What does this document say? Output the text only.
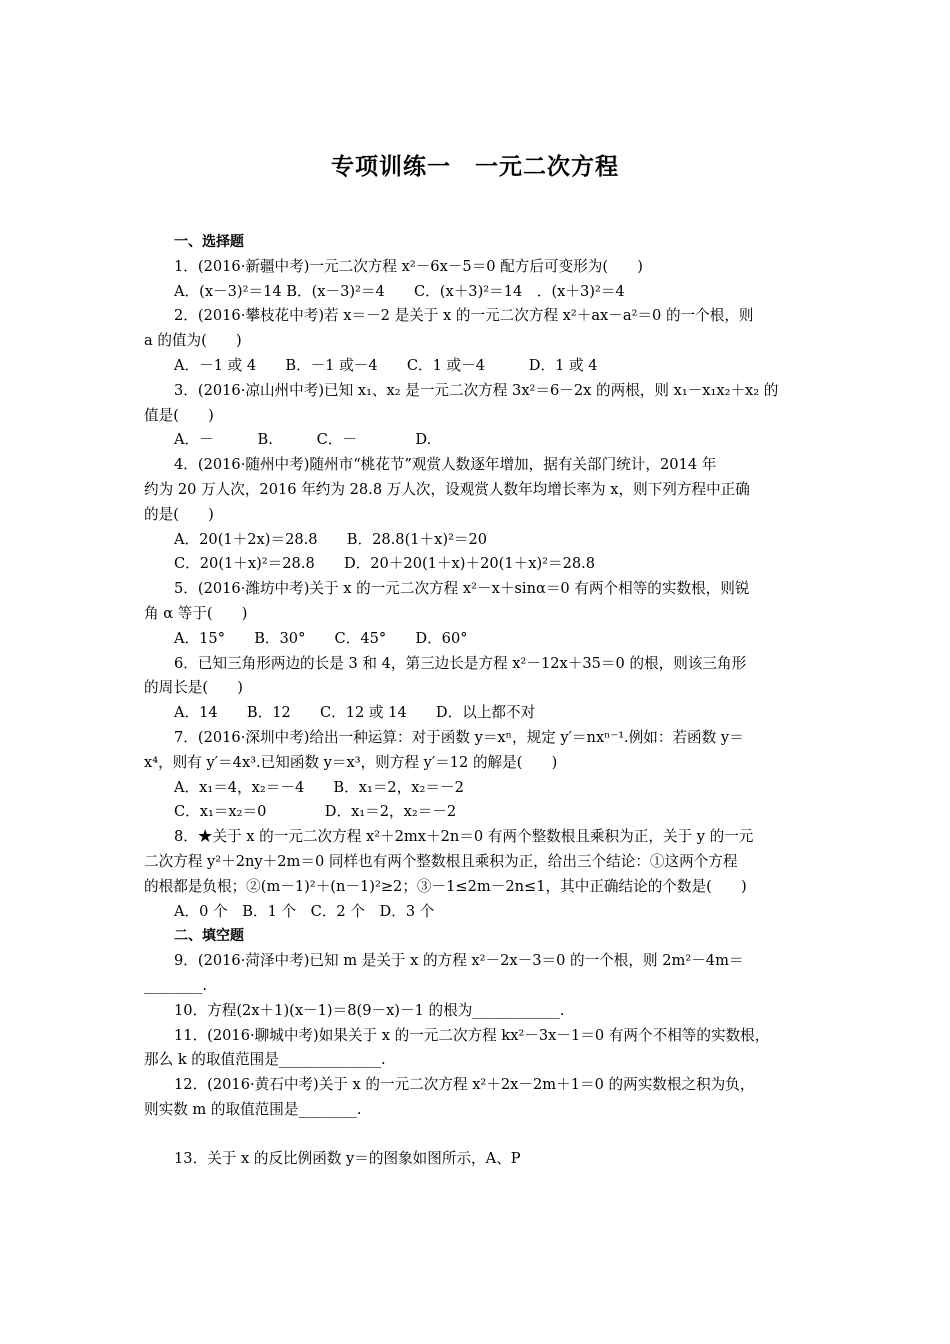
专项训练一　一元二次方程
一、选择题
1．(2016·新疆中考)一元二次方程 x²－6x－5＝0 配方后可变形为(　　)
A．(x－3)²＝14 B．(x－3)²＝4　　C．(x＋3)²＝14　．(x＋3)²＝4
2．(2016·攀枝花中考)若 x＝－2 是关于 x 的一元二次方程 x²＋ax－a²＝0 的一个根，则
a 的值为(　　)
A．－1 或 4　　B．－1 或－4　　C．1 或－4　　　D．1 或 4
3．(2016·凉山州中考)已知 x₁、x₂ 是一元二次方程 3x²＝6－2x 的两根，则 x₁－x₁x₂＋x₂ 的
值是(　　)
A．－　　　B.　　　C．－　　　　D.
4．(2016·随州中考)随州市“桃花节”观赏人数逐年增加，据有关部门统计，2014 年
约为 20 万人次，2016 年约为 28.8 万人次，设观赏人数年均增长率为 x，则下列方程中正确
的是(　　)
A．20(1＋2x)＝28.8　　B．28.8(1＋x)²＝20
C．20(1＋x)²＝28.8　　D．20＋20(1＋x)＋20(1＋x)²＝28.8
5．(2016·潍坊中考)关于 x 的一元二次方程 x²－x＋sinα＝0 有两个相等的实数根，则锐
角 α 等于(　　)
A．15°　　B．30°　　C．45°　　D．60°
6．已知三角形两边的长是 3 和 4，第三边长是方程 x²－12x＋35＝0 的根，则该三角形
的周长是(　　)
A．14　　B．12　　C．12 或 14　　D．以上都不对
7．(2016·深圳中考)给出一种运算：对于函数 y＝xⁿ，规定 y′＝nxⁿ⁻¹.例如：若函数 y＝
x⁴，则有 y′＝4x³.已知函数 y＝x³，则方程 y′＝12 的解是(　　)
A．x₁＝4，x₂＝－4　　B．x₁＝2，x₂＝－2
C．x₁＝x₂＝0　　　　D．x₁＝2，x₂＝－2
8．★关于 x 的一元二次方程 x²＋2mx＋2n＝0 有两个整数根且乘积为正，关于 y 的一元
二次方程 y²＋2ny＋2m＝0 同样也有两个整数根且乘积为正，给出三个结论：①这两个方程
的根都是负根；②(m－1)²＋(n－1)²≥2；③－1≤2m－2n≤1，其中正确结论的个数是(　　)
A．0 个　B．1 个　C．2 个　D．3 个
二、填空题
9．(2016·菏泽中考)已知 m 是关于 x 的方程 x²－2x－3＝0 的一个根，则 2m²－4m＝
________.
10．方程(2x＋1)(x－1)＝8(9－x)－1 的根为____________.
11．(2016·聊城中考)如果关于 x 的一元二次方程 kx²－3x－1＝0 有两个不相等的实数根，
那么 k 的取值范围是______________.
12．(2016·黄石中考)关于 x 的一元二次方程 x²＋2x－2m＋1＝0 的两实数根之积为负，
则实数 m 的取值范围是________.
13．关于 x 的反比例函数 y＝的图象如图所示，A、P
